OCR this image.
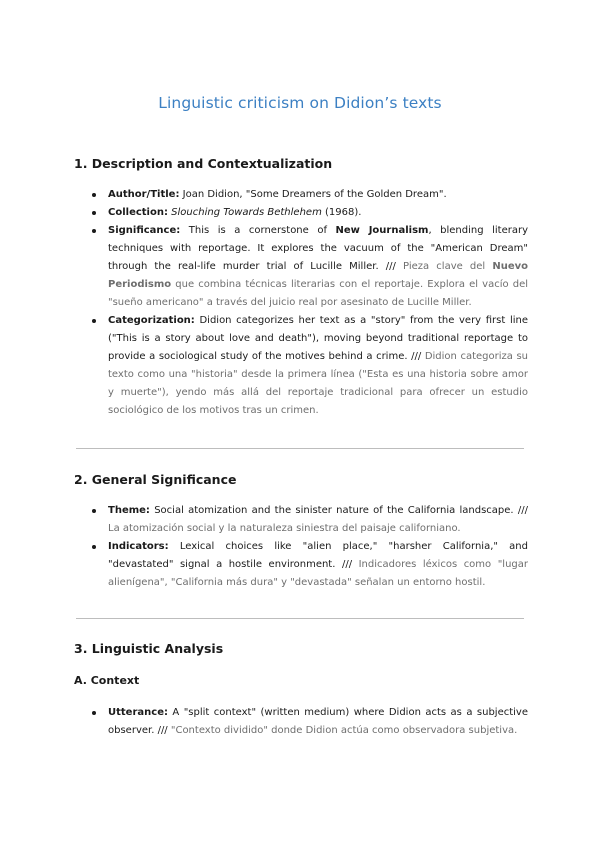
Linguistic criticism on Didion’s texts
1. Description and Contextualization
Author/Title: Joan Didion, "Some Dreamers of the Golden Dream".
Collection: Slouching Towards Bethlehem (1968).
Significance: This is a cornerstone of New Journalism, blending literary techniques with reportage. It explores the vacuum of the "American Dream" through the real-life murder trial of Lucille Miller. /// Pieza clave del Nuevo Periodismo que combina técnicas literarias con el reportaje. Explora el vacío del "sueño americano" a través del juicio real por asesinato de Lucille Miller.
Categorization: Didion categorizes her text as a "story" from the very first line ("This is a story about love and death"), moving beyond traditional reportage to provide a sociological study of the motives behind a crime. /// Didion categoriza su texto como una "historia" desde la primera línea ("Esta es una historia sobre amor y muerte"), yendo más allá del reportaje tradicional para ofrecer un estudio sociológico de los motivos tras un crimen.
2. General Significance
Theme: Social atomization and the sinister nature of the California landscape. /// La atomización social y la naturaleza siniestra del paisaje californiano.
Indicators: Lexical choices like "alien place," "harsher California," and "devastated" signal a hostile environment. /// Indicadores léxicos como "lugar alienígena", "California más dura" y "devastada" señalan un entorno hostil.
3. Linguistic Analysis
A. Context
Utterance: A "split context" (written medium) where Didion acts as a subjective observer. /// "Contexto dividido" donde Didion actúa como observadora subjetiva.
